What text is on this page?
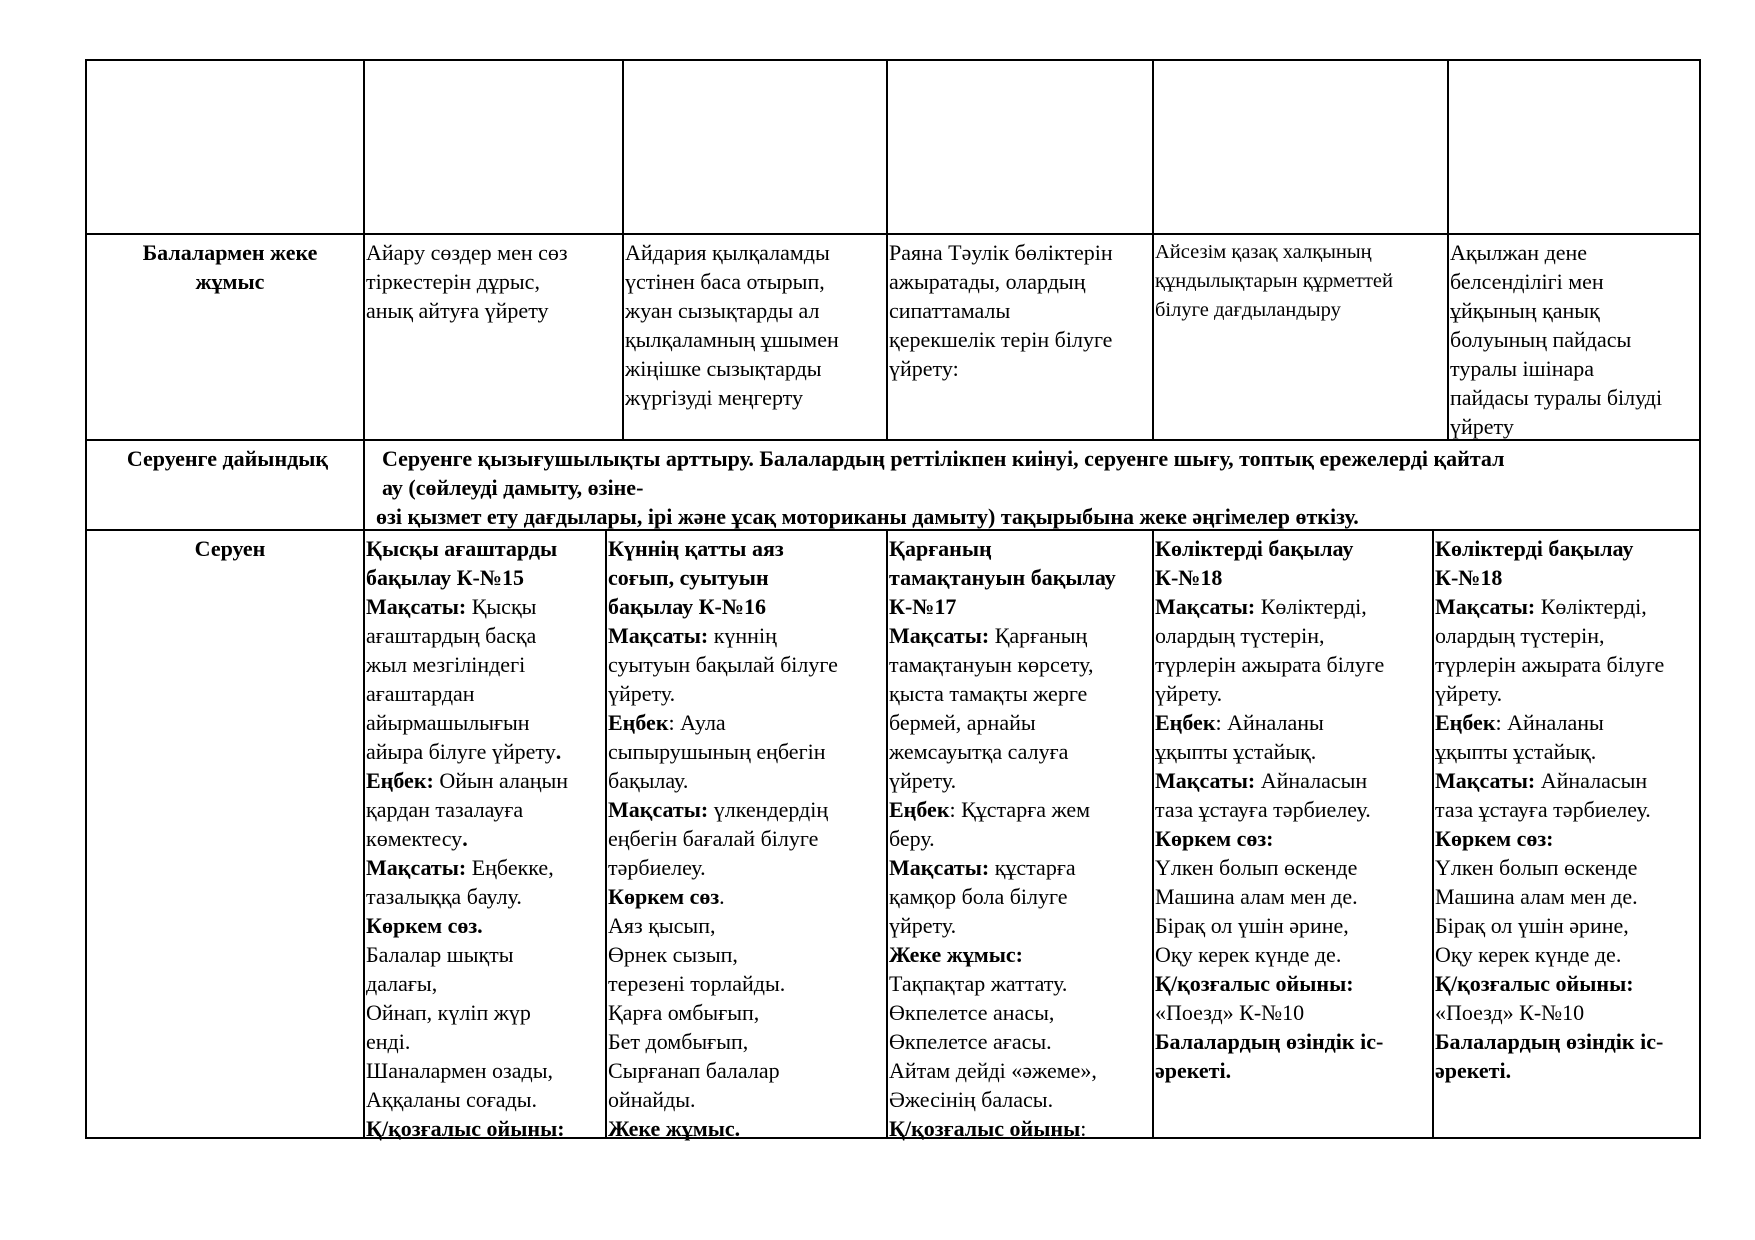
Балалармен жеке жұмыс
Айару сөздер мен сөз
тіркестерін дұрыс,
анық айтуға үйрету
Айдария қылқаламды
үстінен баса отырып,
жуан сызықтарды ал
қылқаламның ұшымен
жіңішке сызықтарды
жүргізуді меңгерту
Раяна Тәулік бөліктерін
ажыратады, олардың
сипаттамалы
қерекшелік терін білуге
үйрету:
Айсезім қазақ халқының
құндылықтарын құрметтей
білуге дағдыландыру
Ақылжан дене
белсенділігі мен
ұйқының қанық
болуының пайдасы
туралы ішінара
пайдасы туралы білуді
үйрету
Серуенге дайындық	Серуенге қызығушылықты арттыру. Балалардың реттілікпен киінуі, серуенге шығу, топтық ережелерді қайтал
ау (сөйлеуді дамыту, өзіне-
өзі қызмет ету дағдылары, ірі және ұсақ моториканы дамыту) тақырыбына жеке әңгімелер өткізу.
Серуен	Қысқы ағаштарды
бақылау К-№15
Мақсаты: Қысқы
ағаштардың басқа
жыл мезгіліндегі
ағаштардан
айырмашылығын
айыра білуге үйрету.
Еңбек: Ойын алаңын
қардан тазалауға
көмектесу.
Мақсаты: Еңбекке,
тазалыққа баулу.
Көркем сөз.
Балалар шықты
далағы,
Ойнап, күліп жүр
енді.
Шаналармен озады,
Аққаланы соғады.
Қ/қозғалыс ойыны:
Күннің қатты аяз
соғып, суытуын
бақылау К-№16
Мақсаты: күннің
суытуын бақылай білуге
үйрету.
Еңбек: Аула
сыпырушының еңбегін
бақылау.
Мақсаты: үлкендердің
еңбегін бағалай білуге
тәрбиелеу.
Көркем сөз.
Аяз қысып,
Өрнек сызып,
терезені торлайды.
Қарға омбығып,
Бет домбығып,
Сырғанап балалар
ойнайды.
Жеке жұмыс.
Қарғаның
тамақтануын бақылау
К-№17
Мақсаты: Қарғаның
тамақтануын көрсету,
қыста тамақты жерге
бермей, арнайы
жемсауытқа салуға
үйрету.
Еңбек: Құстарға жем
беру.
Мақсаты: құстарға
қамқор бола білуге
үйрету.
Жеке жұмыс:
Тақпақтар жаттату.
Өкпелетсе анасы,
Өкпелетсе ағасы.
Айтам дейді «әжеме»,
Әжесінің баласы.
Қ/қозғалыс ойыны:
Көліктерді бақылау
К-№18
Мақсаты: Көліктерді,
олардың түстерін,
түрлерін ажырата білуге
үйрету.
Еңбек: Айналаны
ұқыпты ұстайық.
Мақсаты: Айналасын
таза ұстауға тәрбиелеу.
Көркем сөз:
Үлкен болып өскенде
Машина алам мен де.
Бірақ ол үшін әрине,
Оқу керек күнде де.
Қ/қозғалыс ойыны:
«Поезд» К-№10
Балалардың өзіндік іс-
әрекеті.
Көліктерді бақылау
К-№18
Мақсаты: Көліктерді,
олардың түстерін,
түрлерін ажырата білуге
үйрету.
Еңбек: Айналаны
ұқыпты ұстайық.
Мақсаты: Айналасын
таза ұстауға тәрбиелеу.
Көркем сөз:
Үлкен болып өскенде
Машина алам мен де.
Бірақ ол үшін әрине,
Оқу керек күнде де.
Қ/қозғалыс ойыны:
«Поезд» К-№10
Балалардың өзіндік іс-
әрекеті.
